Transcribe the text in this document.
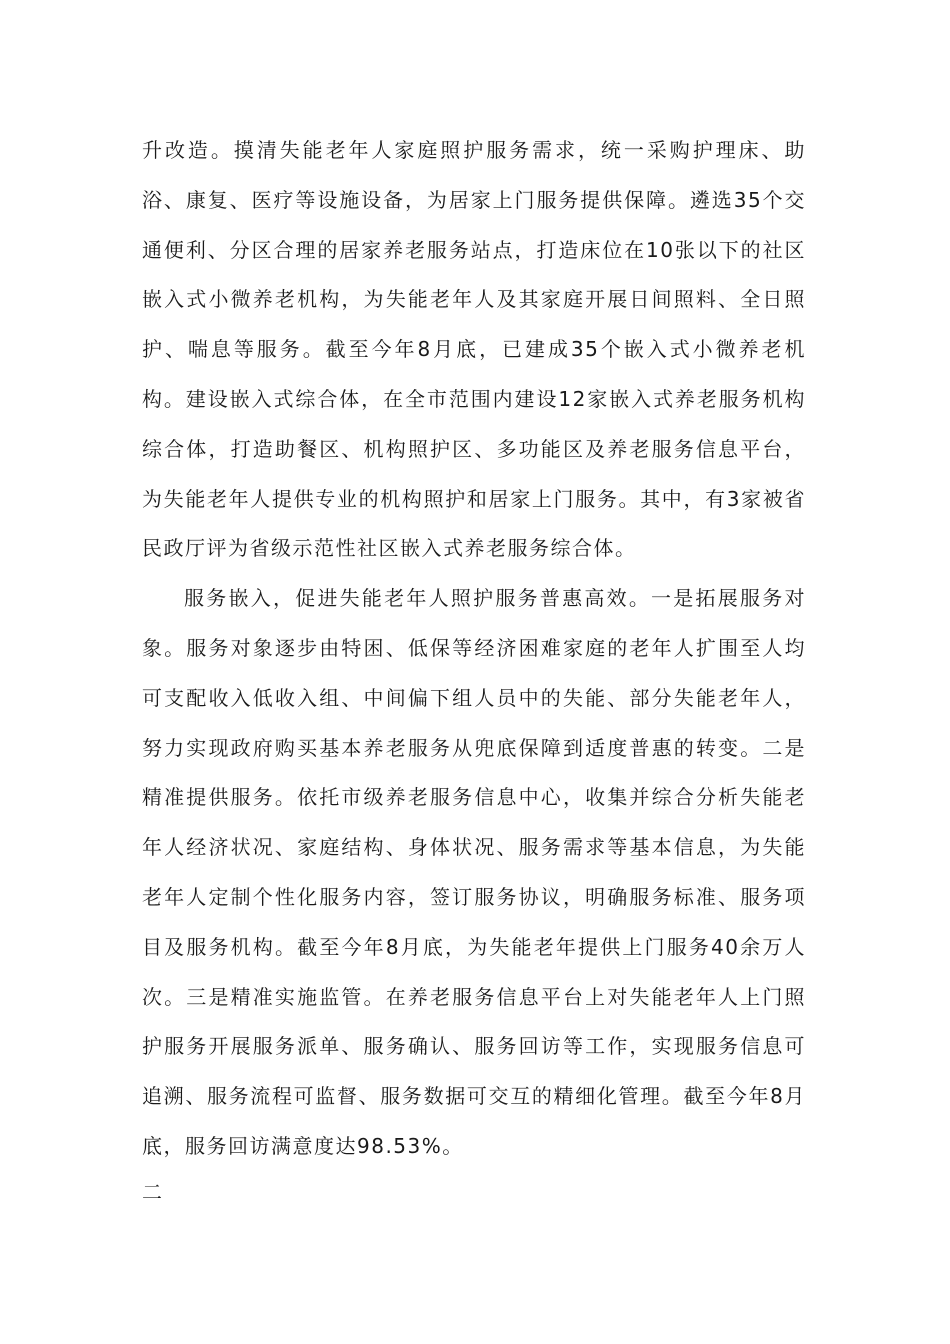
升改造。摸清失能老年人家庭照护服务需求，统一采购护理床、助浴、康复、医疗等设施设备，为居家上门服务提供保障。遴选35个交通便利、分区合理的居家养老服务站点，打造床位在10张以下的社区嵌入式小微养老机构，为失能老年人及其家庭开展日间照料、全日照护、喘息等服务。截至今年8月底，已建成35个嵌入式小微养老机构。建设嵌入式综合体，在全市范围内建设12家嵌入式养老服务机构综合体，打造助餐区、机构照护区、多功能区及养老服务信息平台，为失能老年人提供专业的机构照护和居家上门服务。其中，有3家被省民政厅评为省级示范性社区嵌入式养老服务综合体。

服务嵌入，促进失能老年人照护服务普惠高效。一是拓展服务对象。服务对象逐步由特困、低保等经济困难家庭的老年人扩围至人均可支配收入低收入组、中间偏下组人员中的失能、部分失能老年人，努力实现政府购买基本养老服务从兜底保障到适度普惠的转变。二是精准提供服务。依托市级养老服务信息中心，收集并综合分析失能老年人经济状况、家庭结构、身体状况、服务需求等基本信息，为失能老年人定制个性化服务内容，签订服务协议，明确服务标准、服务项目及服务机构。截至今年8月底，为失能老年提供上门服务40余万人次。三是精准实施监管。在养老服务信息平台上对失能老年人上门照护服务开展服务派单、服务确认、服务回访等工作，实现服务信息可追溯、服务流程可监督、服务数据可交互的精细化管理。截至今年8月底，服务回访满意度达98.53%。

二
